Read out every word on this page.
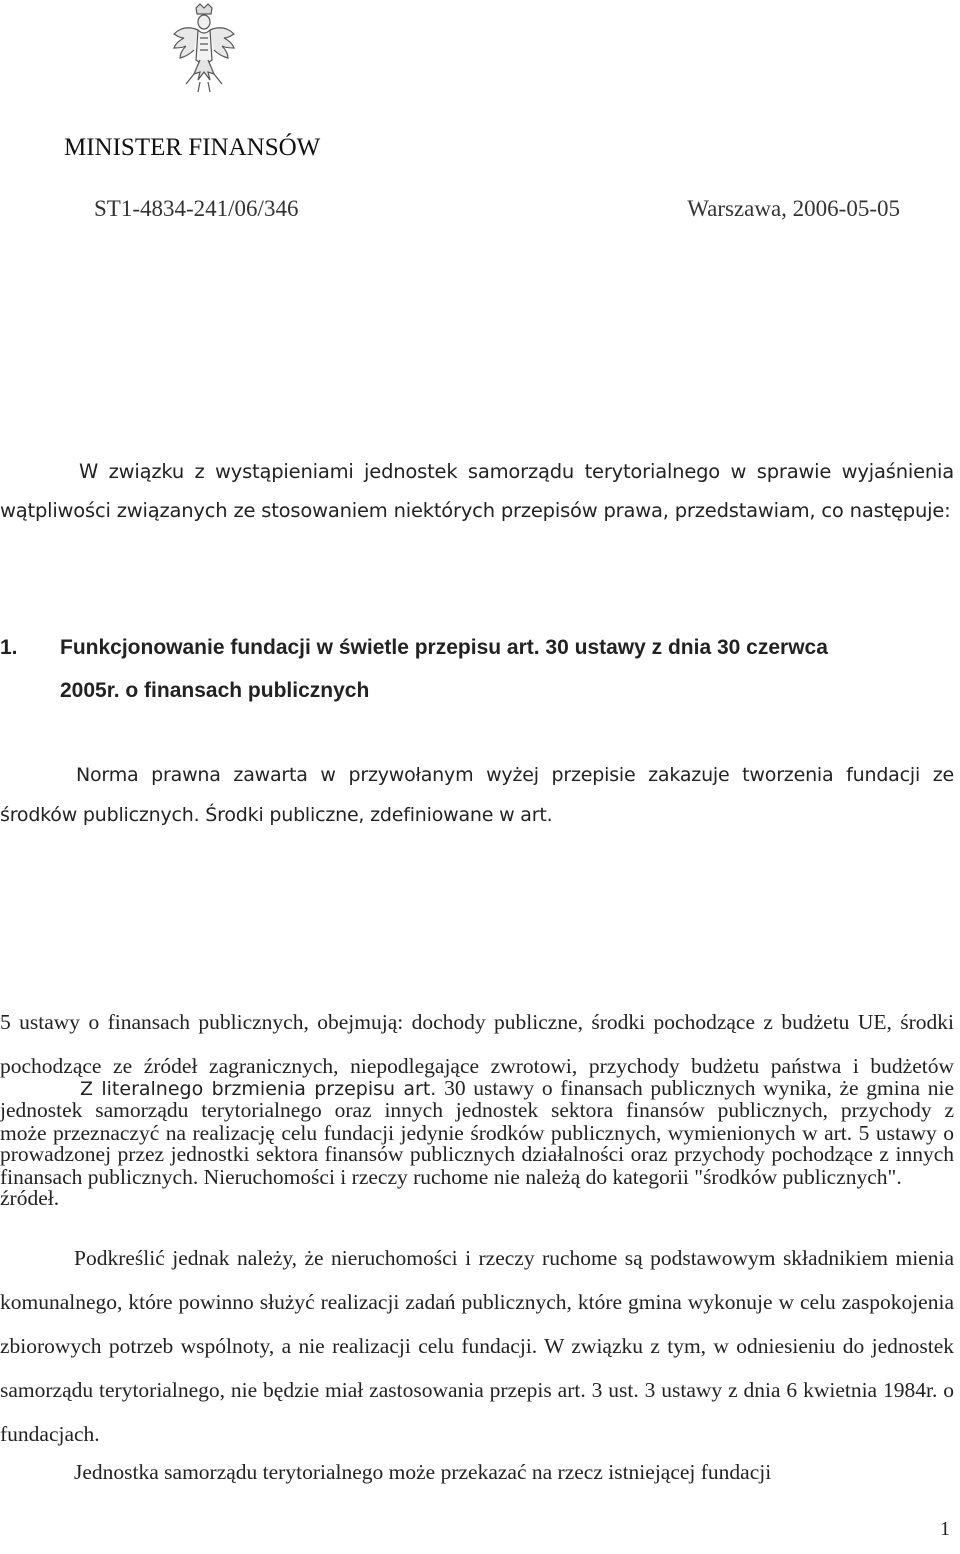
MINISTER FINANSÓW
ST1-4834-241/06/346	Warszawa, 2006-05-05

W związku z wystąpieniami jednostek samorządu terytorialnego w sprawie wyjaśnienia wątpliwości związanych ze stosowaniem niektórych przepisów prawa, przedstawiam, co następuje:

1. Funkcjonowanie fundacji w świetle przepisu art. 30 ustawy z dnia 30 czerwca
2005r. o finansach publicznych

Norma prawna zawarta w przywołanym wyżej przepisie zakazuje tworzenia fundacji ze środków publicznych. Środki publiczne, zdefiniowane w art.

5 ustawy o finansach publicznych, obejmują: dochody publiczne, środki pochodzące z budżetu UE, środki pochodzące ze źródeł zagranicznych, niepodlegające zwrotowi, przychody budżetu państwa i budżetów jednostek samorządu terytorialnego oraz innych jednostek sektora finansów publicznych, przychody z prowadzonej przez jednostki sektora finansów publicznych działalności oraz przychody pochodzące z innych źródeł.

Z literalnego brzmienia przepisu art. 30 ustawy o finansach publicznych wynika, że gmina nie może przeznaczyć na realizację celu fundacji jedynie środków publicznych, wymienionych w art. 5 ustawy o finansach publicznych. Nieruchomości i rzeczy ruchome nie należą do kategorii "środków publicznych".

Podkreślić jednak należy, że nieruchomości i rzeczy ruchome są podstawowym składnikiem mienia komunalnego, które powinno służyć realizacji zadań publicznych, które gmina wykonuje w celu zaspokojenia zbiorowych potrzeb wspólnoty, a nie realizacji celu fundacji. W związku z tym, w odniesieniu do jednostek samorządu terytorialnego, nie będzie miał zastosowania przepis art. 3 ust. 3 ustawy z dnia 6 kwietnia 1984r. o fundacjach.

Jednostka samorządu terytorialnego może przekazać na rzecz istniejącej fundacji

1
